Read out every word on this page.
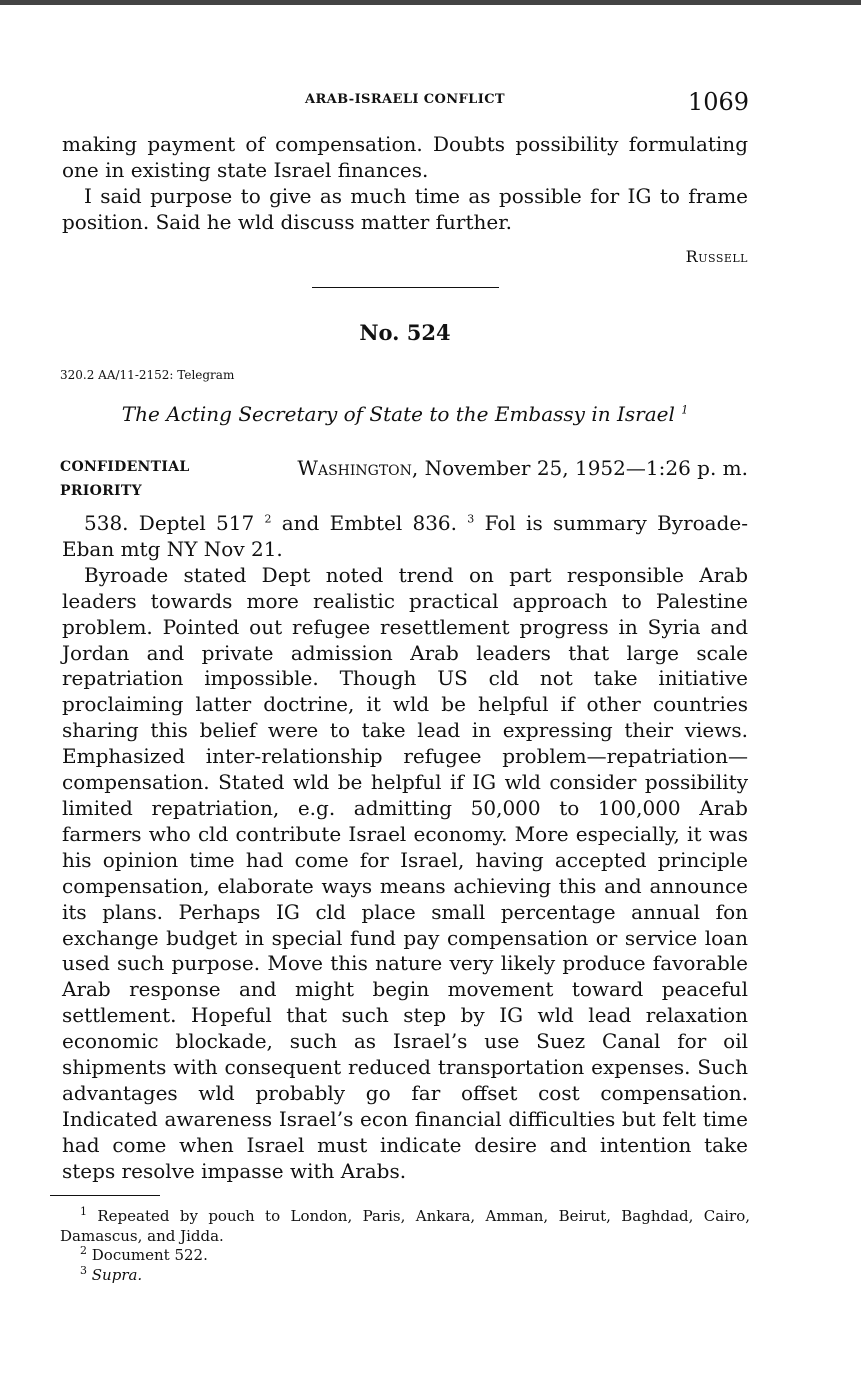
ARAB-ISRAELI CONFLICT	1069

making payment of compensation. Doubts possibility formulating one in existing state Israel finances.

I said purpose to give as much time as possible for IG to frame position. Said he wld discuss matter further.

Russell
No. 524
320.2 AA/11-2152: Telegram
The Acting Secretary of State to the Embassy in Israel $^1$
CONFIDENTIAL
PRIORITY
Washington, November 25, 1952—1:26 p. m.

538. Deptel 517 $^2$ and Embtel 836. $^3$ Fol is summary Byroade-Eban mtg NY Nov 21.

Byroade stated Dept noted trend on part responsible Arab leaders towards more realistic practical approach to Palestine problem. Pointed out refugee resettlement progress in Syria and Jordan and private admission Arab leaders that large scale repatriation impossible. Though US cld not take initiative proclaiming latter doctrine, it wld be helpful if other countries sharing this belief were to take lead in expressing their views. Emphasized inter-relationship refugee problem—repatriation—compensation. Stated wld be helpful if IG wld consider possibility limited repatriation, e.g. admitting 50,000 to 100,000 Arab farmers who cld contribute Israel economy. More especially, it was his opinion time had come for Israel, having accepted principle compensation, elaborate ways means achieving this and announce its plans. Perhaps IG cld place small percentage annual fon exchange budget in special fund pay compensation or service loan used such purpose. Move this nature very likely produce favorable Arab response and might begin movement toward peaceful settlement. Hopeful that such step by IG wld lead relaxation economic blockade, such as Israel’s use Suez Canal for oil shipments with consequent reduced transportation expenses. Such advantages wld probably go far offset cost compensation. Indicated awareness Israel’s econ financial difficulties but felt time had come when Israel must indicate desire and intention take steps resolve impasse with Arabs.

$^1$ Repeated by pouch to London, Paris, Ankara, Amman, Beirut, Baghdad, Cairo, Damascus, and Jidda.

$^2$ Document 522.

$^3$ Supra.
